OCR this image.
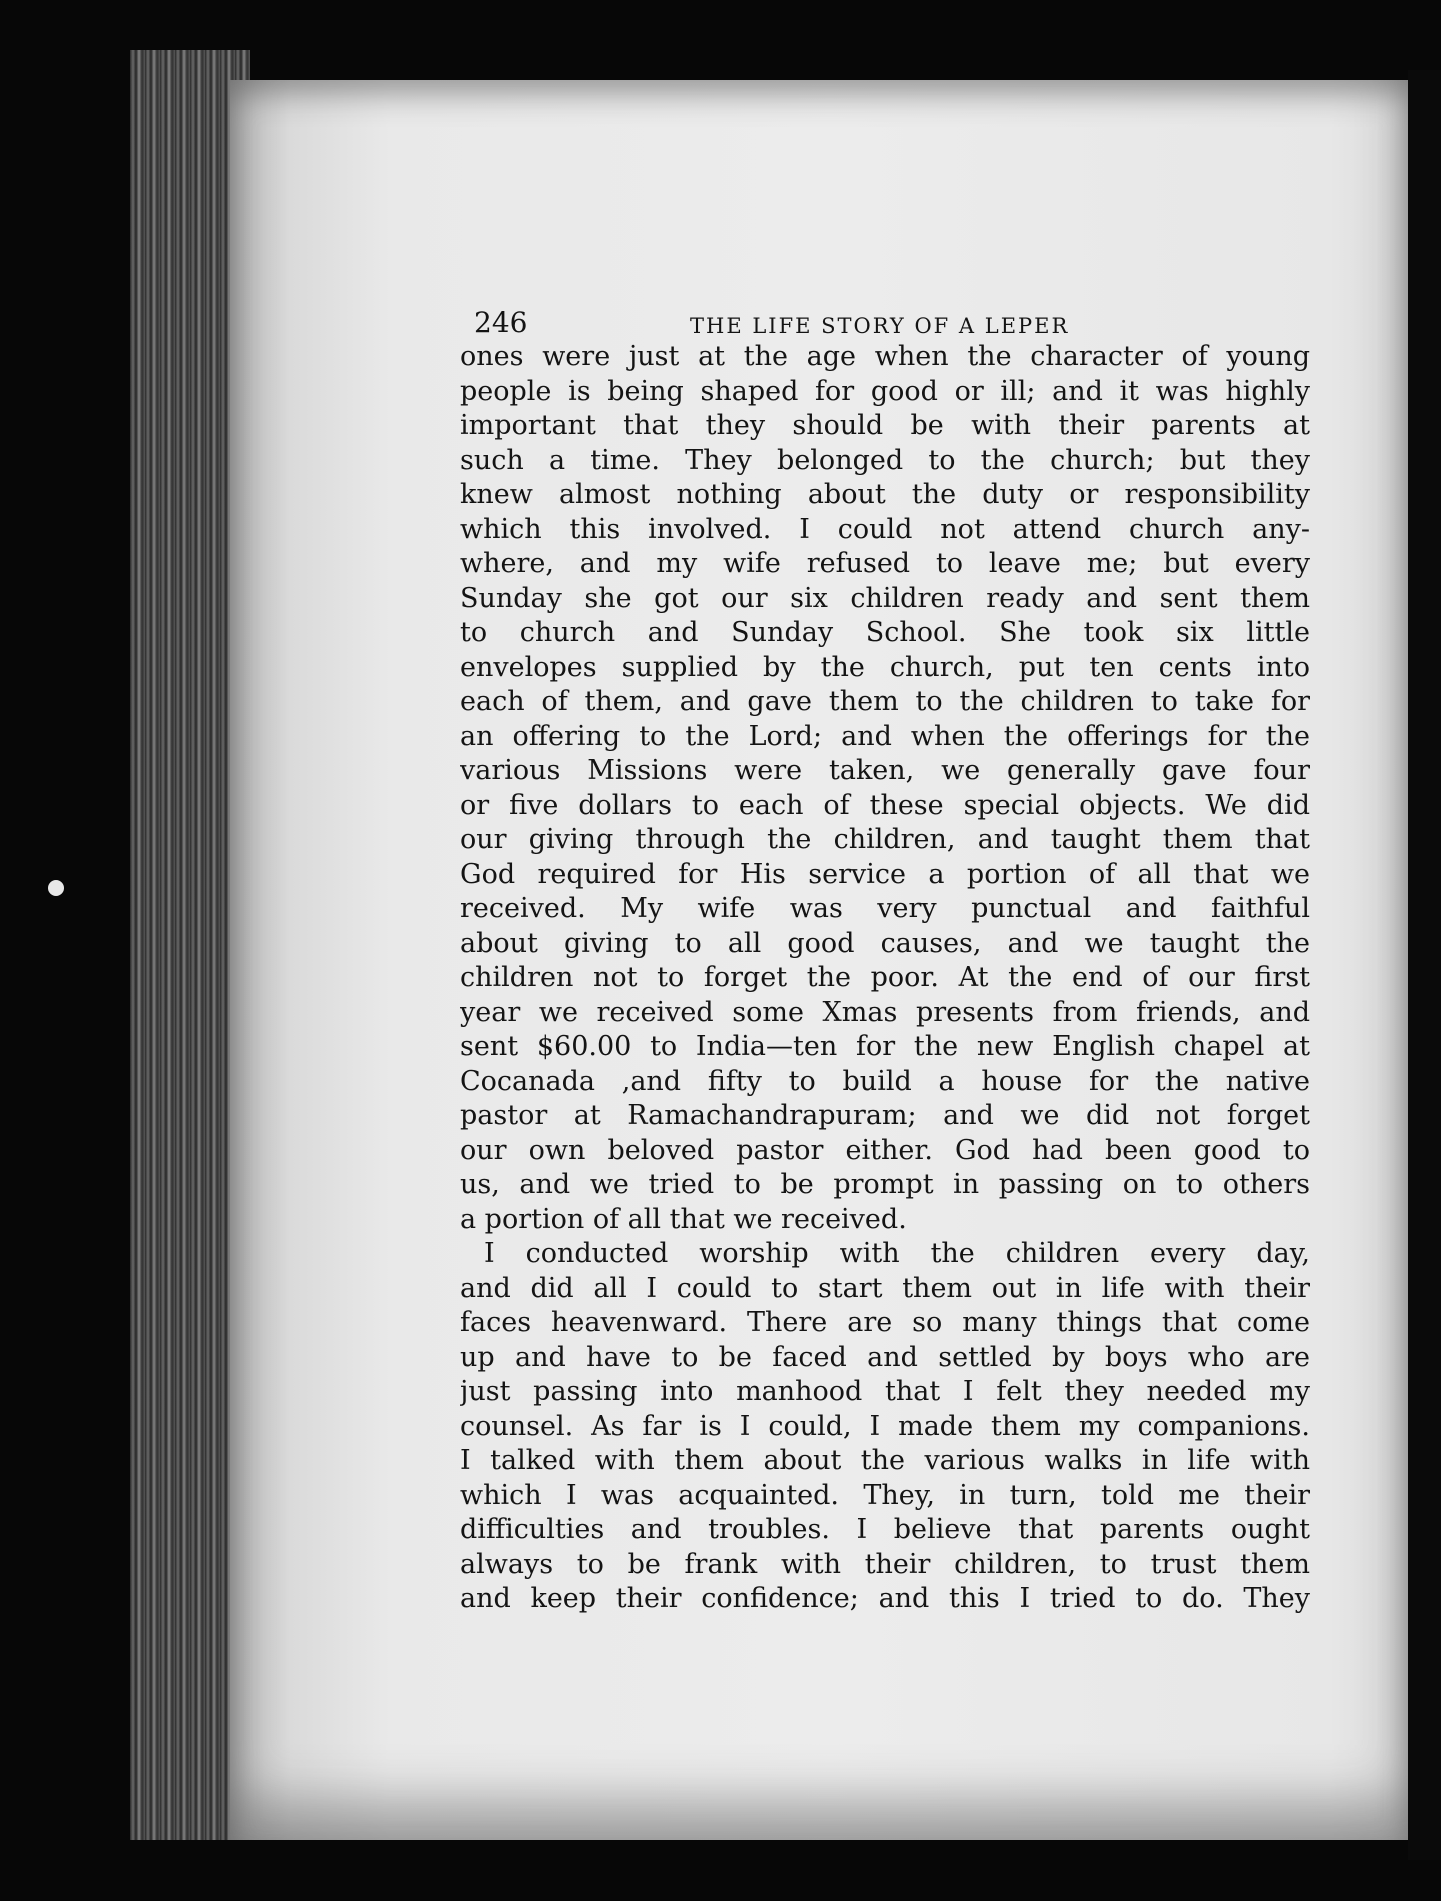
246	THE LIFE STORY OF A LEPER
ones were just at the age when the character of young
people is being shaped for good or ill; and it was highly
important that they should be with their parents at
such a time. They belonged to the church; but they
knew almost nothing about the duty or responsibility
which this involved. I could not attend church any-
where, and my wife refused to leave me; but every
Sunday she got our six children ready and sent them
to church and Sunday School. She took six little
envelopes supplied by the church, put ten cents into
each of them, and gave them to the children to take for
an offering to the Lord; and when the offerings for the
various Missions were taken, we generally gave four
or five dollars to each of these special objects. We did
our giving through the children, and taught them that
God required for His service a portion of all that we
received. My wife was very punctual and faithful
about giving to all good causes, and we taught the
children not to forget the poor. At the end of our first
year we received some Xmas presents from friends, and
sent $60.00 to India—ten for the new English chapel at
Cocanada ,and fifty to build a house for the native
pastor at Ramachandrapuram; and we did not forget
our own beloved pastor either. God had been good to
us, and we tried to be prompt in passing on to others
a portion of all that we received.
I conducted worship with the children every day,
and did all I could to start them out in life with their
faces heavenward. There are so many things that come
up and have to be faced and settled by boys who are
just passing into manhood that I felt they needed my
counsel. As far is I could, I made them my companions.
I talked with them about the various walks in life with
which I was acquainted. They, in turn, told me their
difficulties and troubles. I believe that parents ought
always to be frank with their children, to trust them
and keep their confidence; and this I tried to do. They
